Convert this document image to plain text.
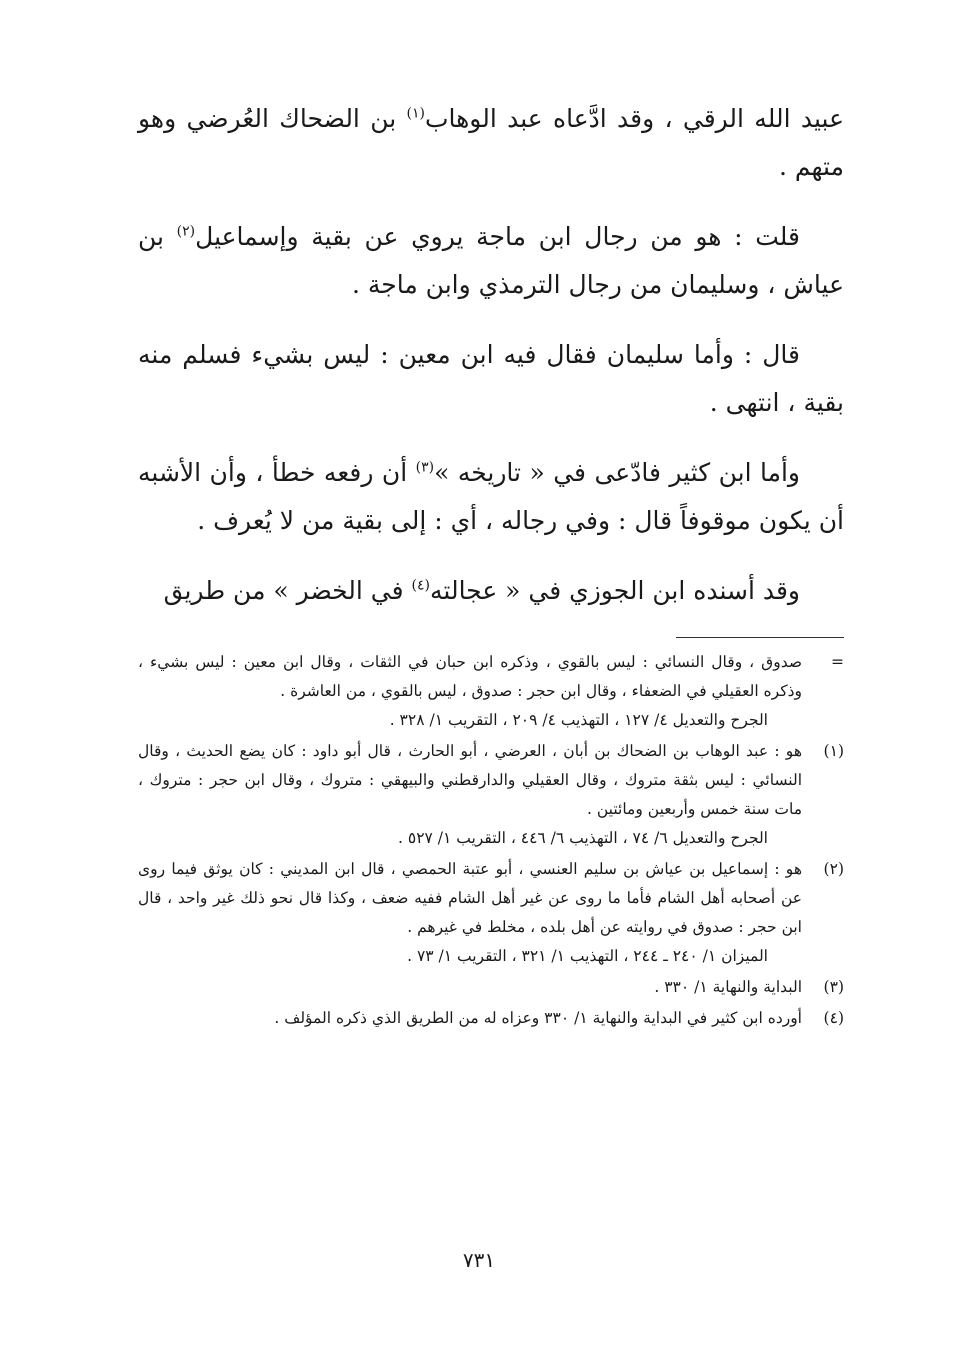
عبيد الله الرقي ، وقد ادَّعاه عبد الوهاب$^{(١)}$ بن الضحاك العُرضي وهو متهم .

قلت : هو من رجال ابن ماجة يروي عن بقية وإسماعيل$^{(٢)}$ بن عياش ، وسليمان من رجال الترمذي وابن ماجة .

قال : وأما سليمان فقال فيه ابن معين : ليس بشيء فسلم منه بقية ، انتهى .

وأما ابن كثير فادّعى في « تاريخه »$^{(٣)}$ أن رفعه خطأ ، وأن الأشبه أن يكون موقوفاً قال : وفي رجاله ، أي : إلى بقية من لا يُعرف .

وقد أسنده ابن الجوزي في « عجالته$^{(٤)}$ في الخضر » من طريق

=
صدوق ، وقال النسائي : ليس بالقوي ، وذكره ابن حبان في الثقات ، وقال ابن معين : ليس بشيء ، وذكره العقيلي في الضعفاء ، وقال ابن حجر : صدوق ، ليس بالقوي ، من العاشرة .
الجرح والتعديل ٤/ ١٢٧ ، التهذيب ٤/ ٢٠٩ ، التقريب ١/ ٣٢٨ .
(١)
هو : عبد الوهاب بن الضحاك بن أبان ، العرضي ، أبو الحارث ، قال أبو داود : كان يضع الحديث ، وقال النسائي : ليس بثقة متروك ، وقال العقيلي والدارقطني والبيهقي : متروك ، وقال ابن حجر : متروك ، مات سنة خمس وأربعين ومائتين .
الجرح والتعديل ٦/ ٧٤ ، التهذيب ٦/ ٤٤٦ ، التقريب ١/ ٥٢٧ .
(٢)
هو : إسماعيل بن عياش بن سليم العنسي ، أبو عتبة الحمصي ، قال ابن المديني : كان يوثق فيما روى عن أصحابه أهل الشام فأما ما روى عن غير أهل الشام ففيه ضعف ، وكذا قال نحو ذلك غير واحد ، قال ابن حجر : صدوق في روايته عن أهل بلده ، مخلط في غيرهم .
الميزان ١/ ٢٤٠ ـ ٢٤٤ ، التهذيب ١/ ٣٢١ ، التقريب ١/ ٧٣ .
(٣)
البداية والنهاية ١/ ٣٣٠ .
(٤)
أورده ابن كثير في البداية والنهاية ١/ ٣٣٠ وعزاه له من الطريق الذي ذكره المؤلف .
٧٣١
